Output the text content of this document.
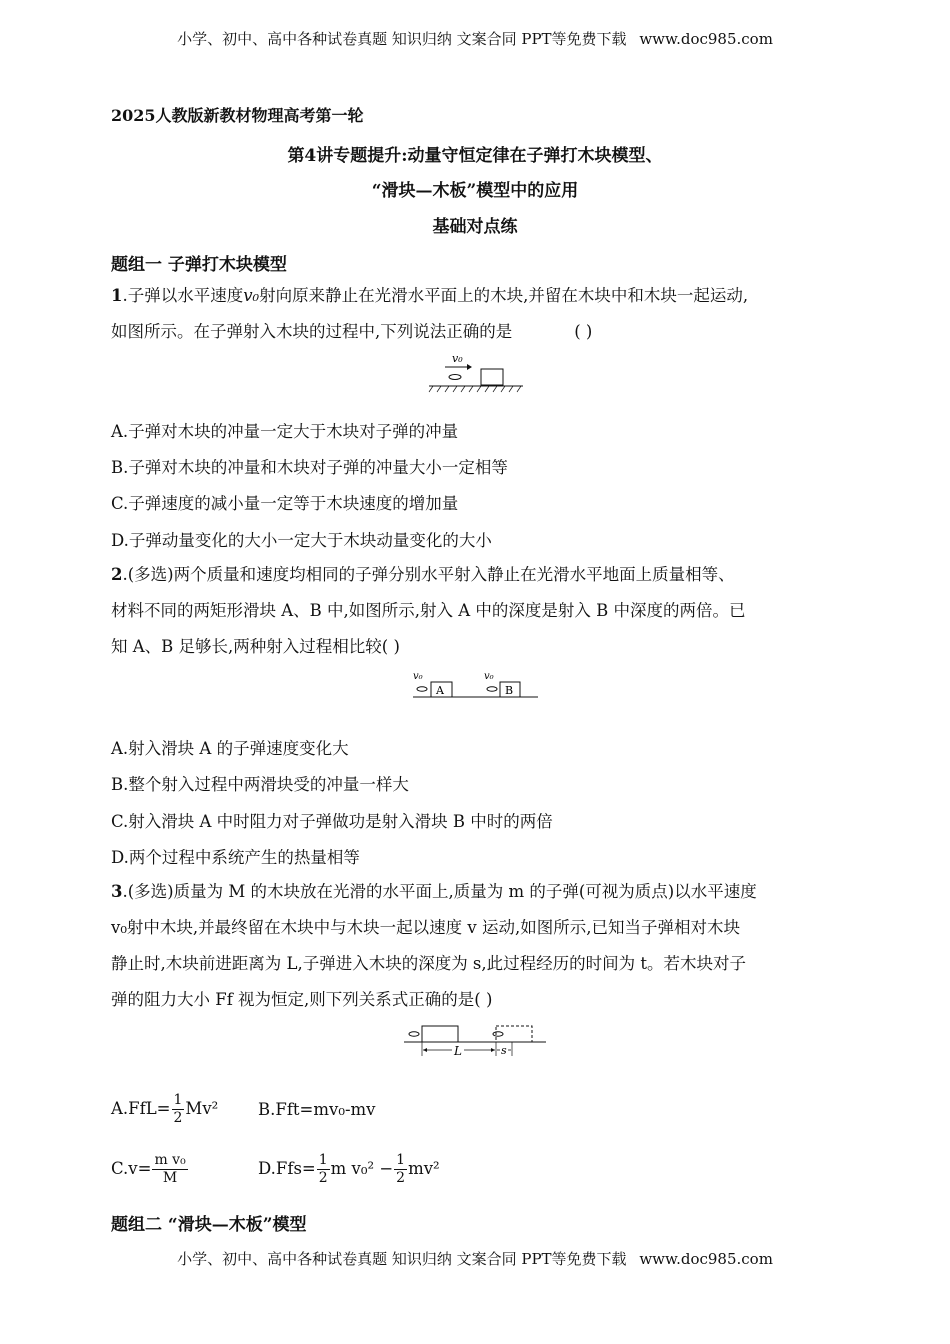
小学、初中、高中各种试卷真题 知识归纳 文案合同 PPT等免费下载 www.doc985.com
2025人教版新教材物理高考第一轮
第4讲专题提升:动量守恒定律在子弹打木块模型、
“滑块—木板”模型中的应用
基础对点练
题组一 子弹打木块模型
1.子弹以水平速度v₀射向原来静止在光滑水平面上的木块,并留在木块中和木块一起运动,
如图所示。在子弹射入木块的过程中,下列说法正确的是	( )
v₀
A.子弹对木块的冲量一定大于木块对子弹的冲量
B.子弹对木块的冲量和木块对子弹的冲量大小一定相等
C.子弹速度的减小量一定等于木块速度的增加量
D.子弹动量变化的大小一定大于木块动量变化的大小
2.(多选)两个质量和速度均相同的子弹分别水平射入静止在光滑水平地面上质量相等、
材料不同的两矩形滑块 A、B 中,如图所示,射入 A 中的深度是射入 B 中深度的两倍。已
知 A、B 足够长,两种射入过程相比较( )
v₀
A
v₀
B
A.射入滑块 A 的子弹速度变化大
B.整个射入过程中两滑块受的冲量一样大
C.射入滑块 A 中时阻力对子弹做功是射入滑块 B 中时的两倍
D.两个过程中系统产生的热量相等
3.(多选)质量为 M 的木块放在光滑的水平面上,质量为 m 的子弹(可视为质点)以水平速度
v₀射中木块,并最终留在木块中与木块一起以速度 v 运动,如图所示,已知当子弹相对木块
静止时,木块前进距离为 L,子弹进入木块的深度为 s,此过程经历的时间为 t。若木块对子
弹的阻力大小 Ff 视为恒定,则下列关系式正确的是( )
L	s
$A.FfL= \frac{1}{2} Mv^2$ B.Fft=mv₀-mv
$C.v= \frac{\text{m v₀}}{M}$	$D.Ffs= \frac{1}{2}$ m $v_0^2 - \frac{1}{2} mv^2$
题组二 “滑块—木板”模型
小学、初中、高中各种试卷真题 知识归纳 文案合同 PPT等免费下载 www.doc985.com
